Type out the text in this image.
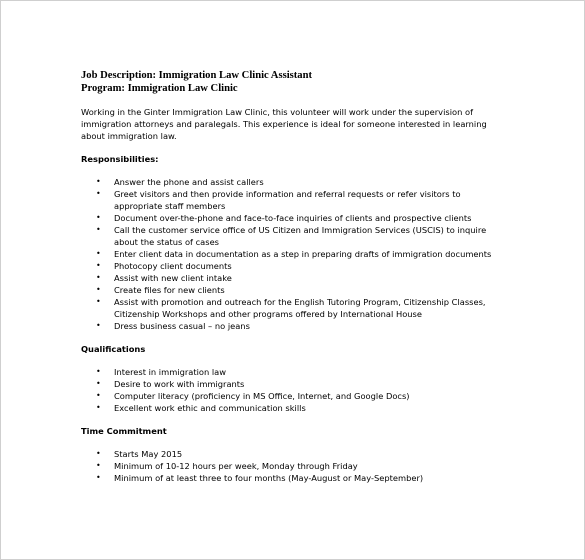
Job Description: Immigration Law Clinic Assistant

Program: Immigration Law Clinic

Working in the Ginter Immigration Law Clinic, this volunteer will work under the supervision of immigration attorneys and paralegals. This experience is ideal for someone interested in learning about immigration law.

Responsibilities:

• Answer the phone and assist callers
• Greet visitors and then provide information and referral requests or refer visitors to appropriate staff members
• Document over-the-phone and face-to-face inquiries of clients and prospective clients
• Call the customer service office of US Citizen and Immigration Services (USCIS) to inquire about the status of cases
• Enter client data in documentation as a step in preparing drafts of immigration documents
• Photocopy client documents
• Assist with new client intake
• Create files for new clients
• Assist with promotion and outreach for the English Tutoring Program, Citizenship Classes, Citizenship Workshops and other programs offered by International House
• Dress business casual – no jeans

Qualifications

• Interest in immigration law
• Desire to work with immigrants
• Computer literacy (proficiency in MS Office, Internet, and Google Docs)
• Excellent work ethic and communication skills

Time Commitment

• Starts May 2015
• Minimum of 10-12 hours per week, Monday through Friday
• Minimum of at least three to four months (May-August or May-September)
